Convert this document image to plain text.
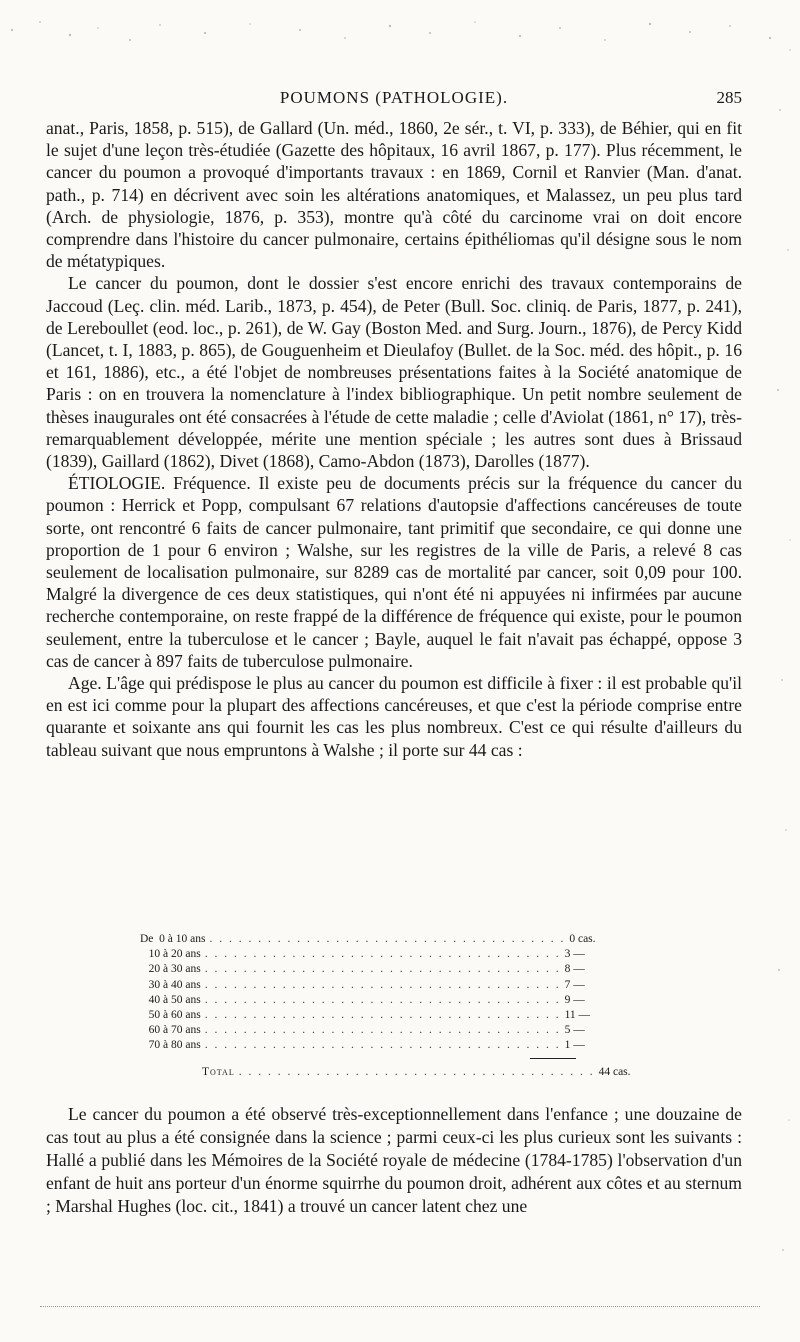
POUMONS (PATHOLOGIE).	285

anat., Paris, 1858, p. 515), de Gallard (Un. méd., 1860, 2e sér., t. VI, p. 333), de Béhier, qui en fit le sujet d'une leçon très-étudiée (Gazette des hôpitaux, 16 avril 1867, p. 177). Plus récemment, le cancer du poumon a provoqué d'importants travaux : en 1869, Cornil et Ranvier (Man. d'anat. path., p. 714) en décrivent avec soin les altérations anatomiques, et Malassez, un peu plus tard (Arch. de physiologie, 1876, p. 353), montre qu'à côté du carcinome vrai on doit encore comprendre dans l'histoire du cancer pulmonaire, certains épithéliomas qu'il désigne sous le nom de métatypiques.

Le cancer du poumon, dont le dossier s'est encore enrichi des travaux contemporains de Jaccoud (Leç. clin. méd. Larib., 1873, p. 454), de Peter (Bull. Soc. cliniq. de Paris, 1877, p. 241), de Lereboullet (eod. loc., p. 261), de W. Gay (Boston Med. and Surg. Journ., 1876), de Percy Kidd (Lancet, t. I, 1883, p. 865), de Gouguenheim et Dieulafoy (Bullet. de la Soc. méd. des hôpit., p. 16 et 161, 1886), etc., a été l'objet de nombreuses présentations faites à la Société anatomique de Paris : on en trouvera la nomenclature à l'index bibliographique. Un petit nombre seulement de thèses inaugurales ont été consacrées à l'étude de cette maladie ; celle d'Aviolat (1861, n° 17), très-remarquablement développée, mérite une mention spéciale ; les autres sont dues à Brissaud (1839), Gaillard (1862), Divet (1868), Camo-Abdon (1873), Darolles (1877).

ÉTIOLOGIE. Fréquence. Il existe peu de documents précis sur la fréquence du cancer du poumon : Herrick et Popp, compulsant 67 relations d'autopsie d'affections cancéreuses de toute sorte, ont rencontré 6 faits de cancer pulmonaire, tant primitif que secondaire, ce qui donne une proportion de 1 pour 6 environ ; Walshe, sur les registres de la ville de Paris, a relevé 8 cas seulement de localisation pulmonaire, sur 8289 cas de mortalité par cancer, soit 0,09 pour 100. Malgré la divergence de ces deux statistiques, qui n'ont été ni appuyées ni infirmées par aucune recherche contemporaine, on reste frappé de la différence de fréquence qui existe, pour le poumon seulement, entre la tuberculose et le cancer ; Bayle, auquel le fait n'avait pas échappé, oppose 3 cas de cancer à 897 faits de tuberculose pulmonaire.

Age. L'âge qui prédispose le plus au cancer du poumon est difficile à fixer : il est probable qu'il en est ici comme pour la plupart des affections cancéreuses, et que c'est la période comprise entre quarante et soixante ans qui fournit les cas les plus nombreux. C'est ce qui résulte d'ailleurs du tableau suivant que nous empruntons à Walshe ; il porte sur 44 cas :

De  0 à 10 ans . . . . . . . . . . . . . . . . . . . . . . . . . . . . . . . . . . . . . 0 cas.
10 à 20 ans . . . . . . . . . . . . . . . . . . . . . . . . . . . . . . . . . . . . . 3 —
20 à 30 ans . . . . . . . . . . . . . . . . . . . . . . . . . . . . . . . . . . . . . 8 —
30 à 40 ans . . . . . . . . . . . . . . . . . . . . . . . . . . . . . . . . . . . . . 7 —
40 à 50 ans . . . . . . . . . . . . . . . . . . . . . . . . . . . . . . . . . . . . . 9 —
50 à 60 ans . . . . . . . . . . . . . . . . . . . . . . . . . . . . . . . . . . . . . 11 —
60 à 70 ans . . . . . . . . . . . . . . . . . . . . . . . . . . . . . . . . . . . . . 5 —
70 à 80 ans . . . . . . . . . . . . . . . . . . . . . . . . . . . . . . . . . . . . . 1 —
Total . . . . . . . . . . . . . . . . . . . . . . . . . . . . . . . . . . . . . 44 cas.

Le cancer du poumon a été observé très-exceptionnellement dans l'enfance ; une douzaine de cas tout au plus a été consignée dans la science ; parmi ceux-ci les plus curieux sont les suivants : Hallé a publié dans les Mémoires de la Société royale de médecine (1784-1785) l'observation d'un enfant de huit ans porteur d'un énorme squirrhe du poumon droit, adhérent aux côtes et au sternum ; Marshal Hughes (loc. cit., 1841) a trouvé un cancer latent chez une
